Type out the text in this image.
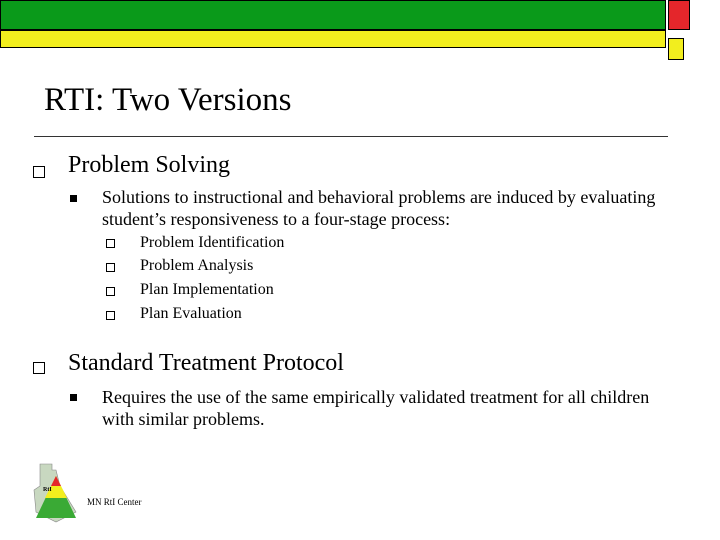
RTI: Two Versions
Problem Solving
Solutions to instructional and behavioral problems are induced by evaluating student’s responsiveness to a four-stage process:
Problem Identification
Problem Analysis
Plan Implementation
Plan Evaluation
Standard Treatment Protocol
Requires the use of the same empirically validated treatment for all children with similar problems.
RtI
MN RtI Center
